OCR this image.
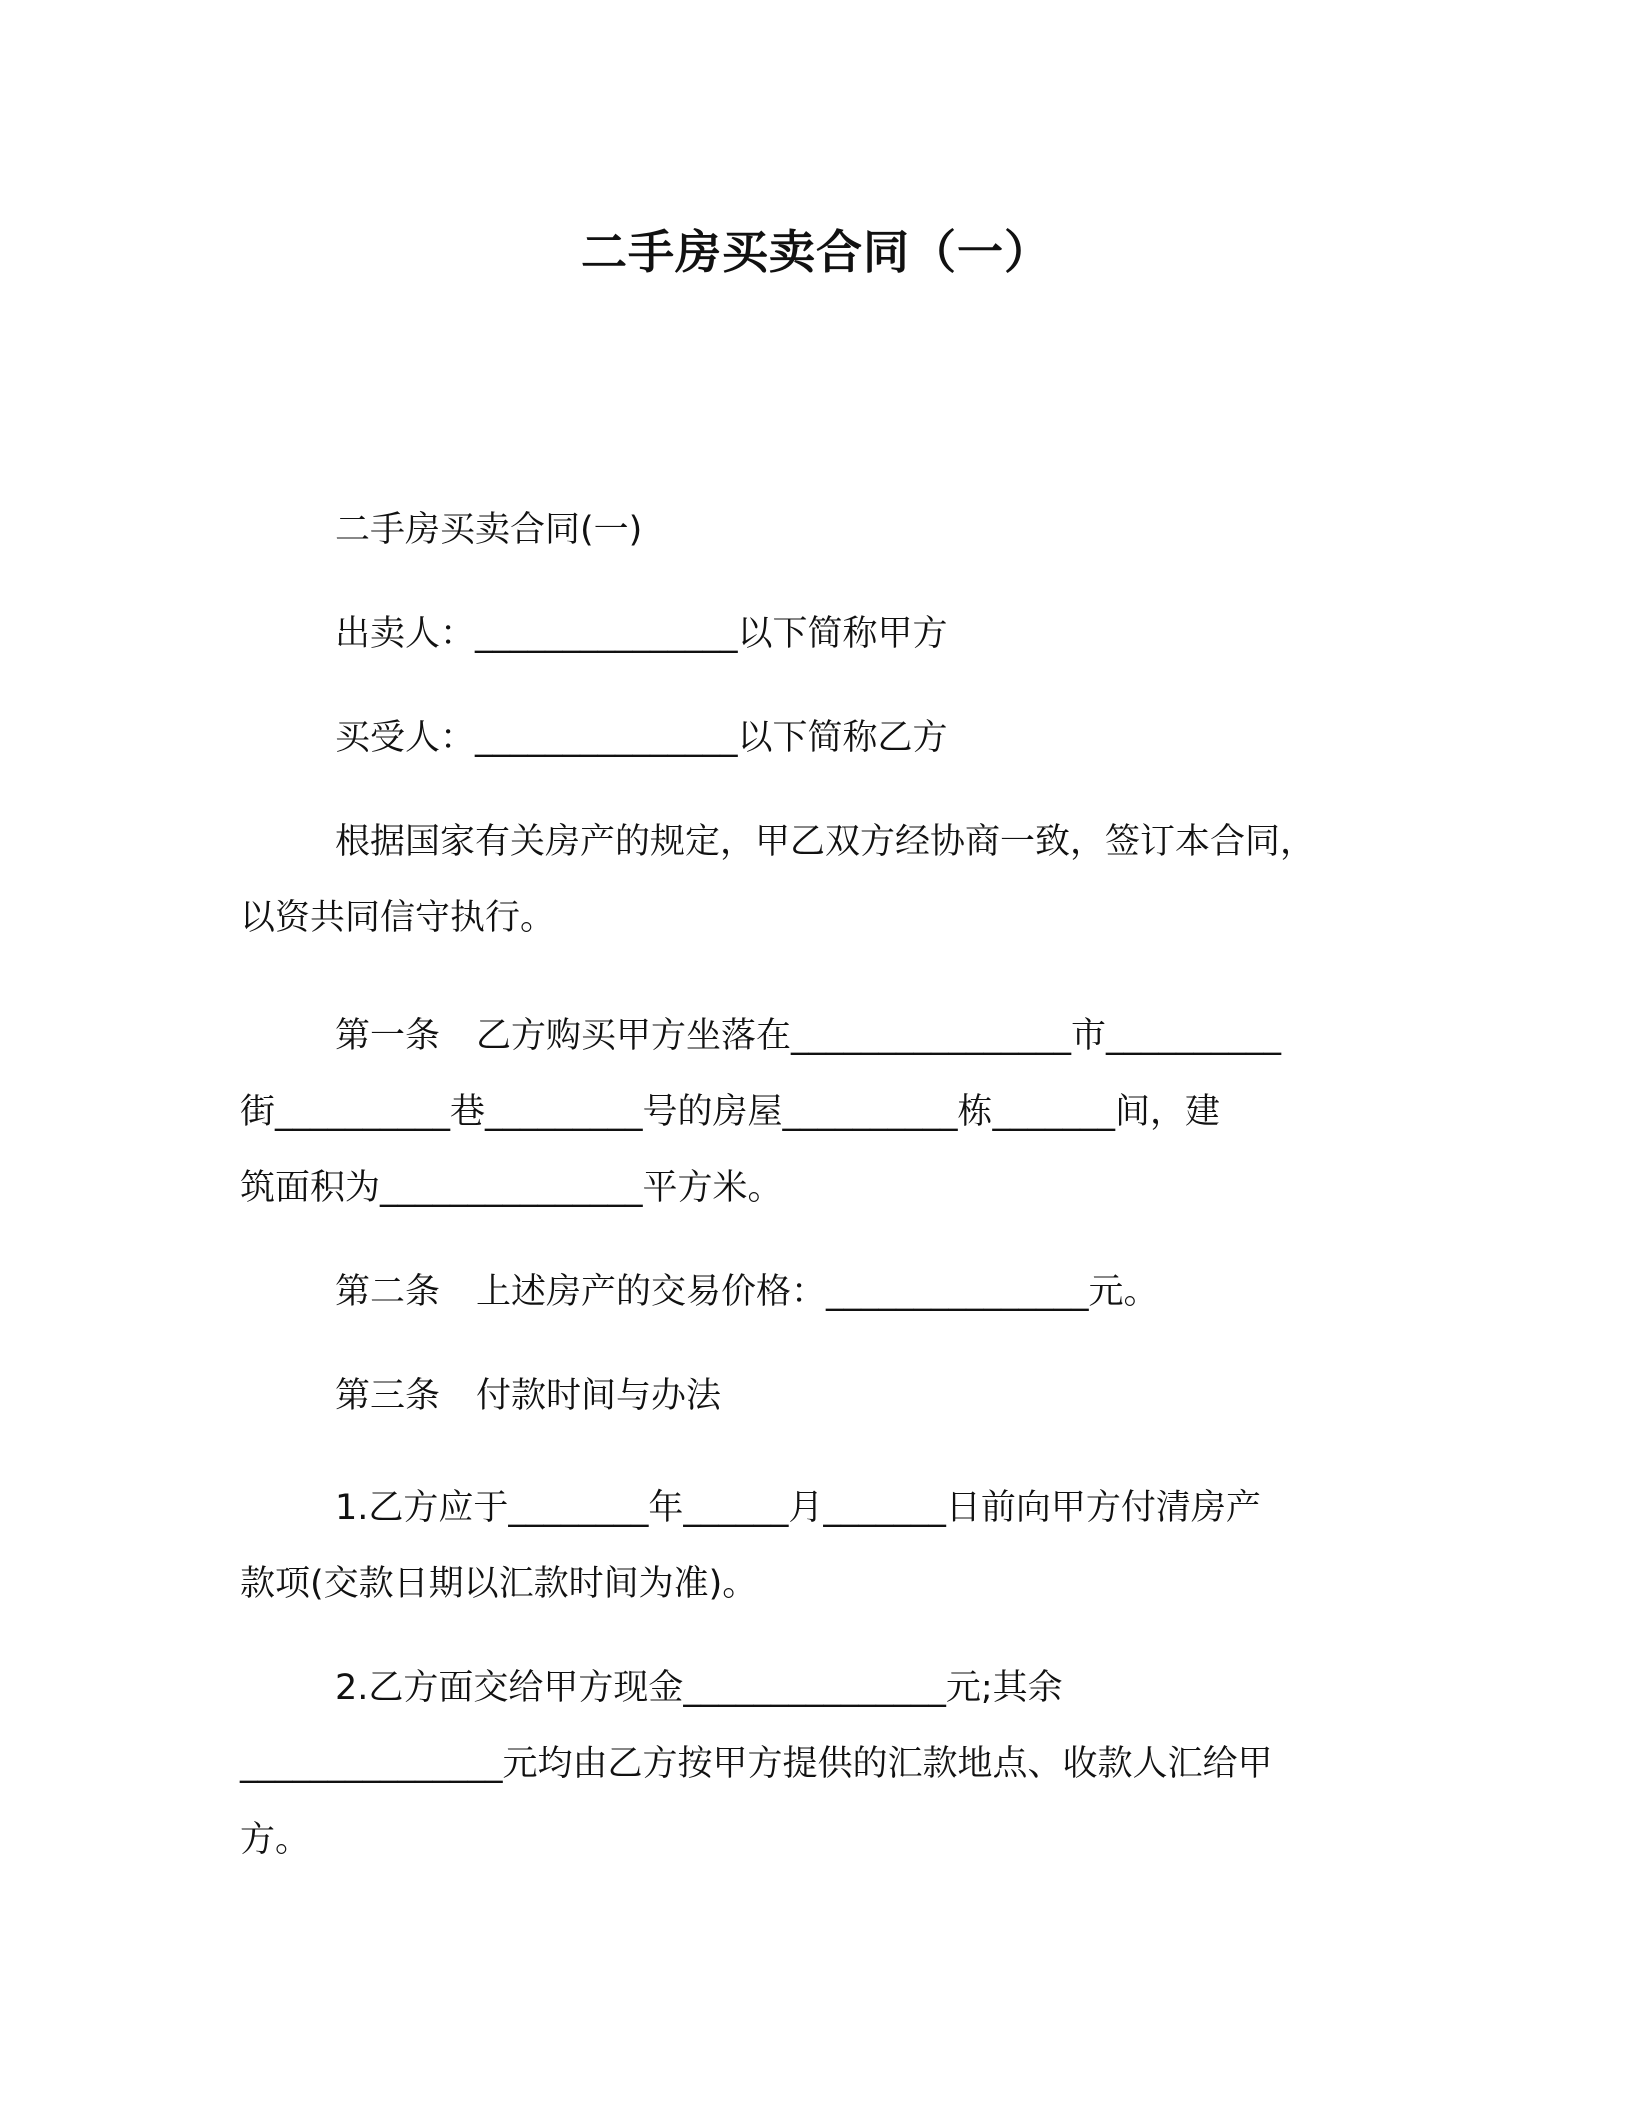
二手房买卖合同（一）
二手房买卖合同(一)
出卖人：_______________以下简称甲方
买受人：_______________以下简称乙方
根据国家有关房产的规定，甲乙双方经协商一致，签订本合同，
以资共同信守执行。
第一条 乙方购买甲方坐落在________________市__________
街__________巷_________号的房屋__________栋_______间，建
筑面积为_______________平方米。
第二条 上述房产的交易价格：_______________元。
第三条 付款时间与办法
1.乙方应于________年______月_______日前向甲方付清房产
款项(交款日期以汇款时间为准)。
2.乙方面交给甲方现金_______________元;其余
_______________元均由乙方按甲方提供的汇款地点、收款人汇给甲
方。
